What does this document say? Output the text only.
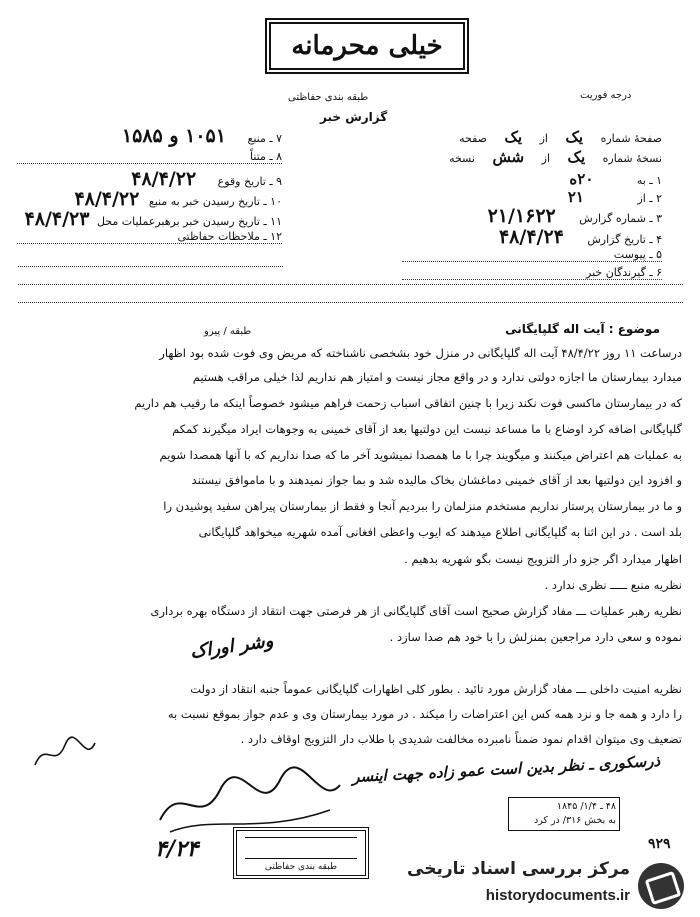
خیلی محرمانه
طبقه بندی حفاظتی	درجه فوریت
گزارش خبر
صفحهٔ شماره یک از یک صفحه
نسخهٔ شماره یک از شش نسخه
۱ ـ به ۲۰ه
۲ ـ از ۲۱
۳ ـ شماره گزارش ۲۱/۱۶۲۲
۴ ـ تاریخ گزارش ۴۸/۴/۲۴
۵ ـ پیوست
۶ ـ گیرندگان خبر
۷ ـ منبع ۱۰۵۱ و ۱۵۸۵
۸ ـ متناً
۹ ـ تاریخ وقوع ۴۸/۴/۲۲
۱۰ ـ تاریخ رسیدن خبر به منبع ۴۸/۴/۲۲
۱۱ ـ تاریخ رسیدن خبر برهبرعملیات محل ۴۸/۴/۲۳
۱۲ ـ ملاحظات حفاظتی
طبقه / پیرو	موضوع : آیت اله گلپایگانی
درساعت ۱۱ روز ۴۸/۴/۲۲ آیت اله گلپایگانی در منزل خود بشخصی ناشناخته که مریض وی فوت شده بود اظهار
میدارد بیمارستان ما اجازه دولتی ندارد و در واقع مجاز نیست و امتیاز هم نداریم لذا خیلی مراقب هستیم
که در بیمارستان ماکسی فوت نکند زیرا با چنین اتفاقی اسباب زحمت فراهم میشود خصوصاً اینکه ما رقیب هم داریم
گلپایگانی اضافه کرد اوضاع با ما مساعد نیست این دولتیها بعد از آقای خمینی به وجوهات ایراد میگیرند کمکم
به عملیات هم اعتراض میکنند و میگویند چرا با ما همصدا نمیشوید آخر ما که صدا نداریم که با آنها همصدا شویم
و افزود این دولتیها بعد از آقای خمینی دماغشان بخاک مالیده شد و بما جواز نمیدهند و با ماموافق نیستند
و ما در بیمارستان پرستار نداریم مستخدم منزلمان را ببردیم آنجا و فقط از بیمارستان پیراهن سفید پوشیدن را
بلد است . در این اثنا به گلپایگانی اطلاع میدهند که ایوب واعظی افغانی آمده شهریه میخواهد گلپایگانی
اظهار میدارد اگر جزو دار التزویج نیست بگو شهریه بدهیم .
نظریه منبع ـــــ نظری ندارد .
نظریه رهبر عملیات ـــ مفاد گزارش صحیح است آقای گلپایگانی از هر فرصتی جهت انتقاد از دستگاه بهره برداری
نموده و سعی دارد مراجعین بمنزلش را با خود هم صدا سازد .
وشر اوراک
نظریه امنیت داخلی ـــ مفاد گزارش مورد تائید . بطور کلی اظهارات گلپایگانی عموماً جنبه انتقاد از دولت
را دارد و همه جا و نزد همه کس این اعتراضات را میکند . در مورد بیمارستان وی و عدم جواز بموقع نسبت به
تضعیف وی میتوان اقدام نمود ضمناً نامبرده مخالفت شدیدی با طلاب دار التزویج اوقاف دارد .
ذرسکوری ـ نظر بدین است عمو زاده جهت اینسر
۴/۲۴
۴۸ ـ ۱/۴/ ۱۸۴۵
به بخش ۳۱۶/ در کرد
طبقه بندی حفاظتی
۹۲۹
مرکز بررسی اسناد تاریخی
historydocuments.ir
